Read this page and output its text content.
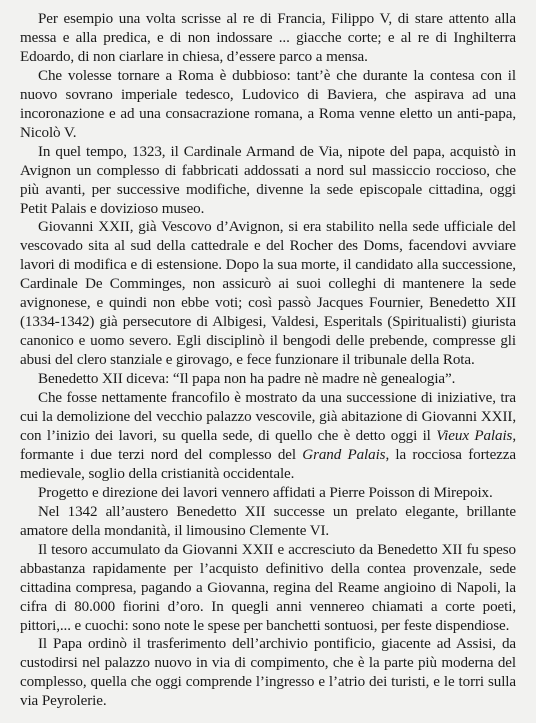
Per esempio una volta scrisse al re di Francia, Filippo V, di stare attento alla messa e alla predica, e di non indossare ... giacche corte; e al re di Inghilterra Edoardo, di non ciarlare in chiesa, d’essere parco a mensa.

Che volesse tornare a Roma è dubbioso: tant’è che durante la contesa con il nuovo sovrano imperiale tedesco, Ludovico di Baviera, che aspirava ad una incoronazione e ad una consacrazione romana, a Roma venne eletto un anti-papa, Nicolò V.

In quel tempo, 1323, il Cardinale Armand de Via, nipote del papa, acquistò in Avignon un complesso di fabbricati addossati a nord sul massiccio roccioso, che più avanti, per successive modifiche, divenne la sede episcopale cittadina, oggi Petit Palais e dovizioso museo.

Giovanni XXII, già Vescovo d’Avignon, si era stabilito nella sede ufficiale del vescovado sita al sud della cattedrale e del Rocher des Doms, facendovi avviare lavori di modifica e di estensione. Dopo la sua morte, il candidato alla successione, Cardinale De Comminges, non assicurò ai suoi colleghi di mantenere la sede avignonese, e quindi non ebbe voti; così passò Jacques Fournier, Benedetto XII (1334-1342) già persecutore di Albigesi, Valdesi, Esperitals (Spiritualisti) giurista canonico e uomo severo. Egli disciplinò il bengodi delle prebende, compresse gli abusi del clero stanziale e girovago, e fece funzionare il tribunale della Rota.

Benedetto XII diceva: “Il papa non ha padre nè madre nè genealogia”.

Che fosse nettamente francofilo è mostrato da una successione di iniziative, tra cui la demolizione del vecchio palazzo vescovile, già abitazione di Giovanni XXII, con l’inizio dei lavori, su quella sede, di quello che è detto oggi il Vieux Palais, formante i due terzi nord del complesso del Grand Palais, la rocciosa fortezza medievale, soglio della cristianità occidentale.

Progetto e direzione dei lavori vennero affidati a Pierre Poisson di Mirepoix.

Nel 1342 all’austero Benedetto XII successe un prelato elegante, brillante amatore della mondanità, il limousino Clemente VI.

Il tesoro accumulato da Giovanni XXII e accresciuto da Benedetto XII fu speso abbastanza rapidamente per l’acquisto definitivo della contea provenzale, sede cittadina compresa, pagando a Giovanna, regina del Reame angioino di Napoli, la cifra di 80.000 fiorini d’oro. In quegli anni vennereo chiamati a corte poeti, pittori,... e cuochi: sono note le spese per banchetti sontuosi, per feste dispendiose.

Il Papa ordinò il trasferimento dell’archivio pontificio, giacente ad Assisi, da custodirsi nel palazzo nuovo in via di compimento, che è la parte più moderna del complesso, quella che oggi comprende l’ingresso e l’atrio dei turisti, e le torri sulla via Peyrolerie.
